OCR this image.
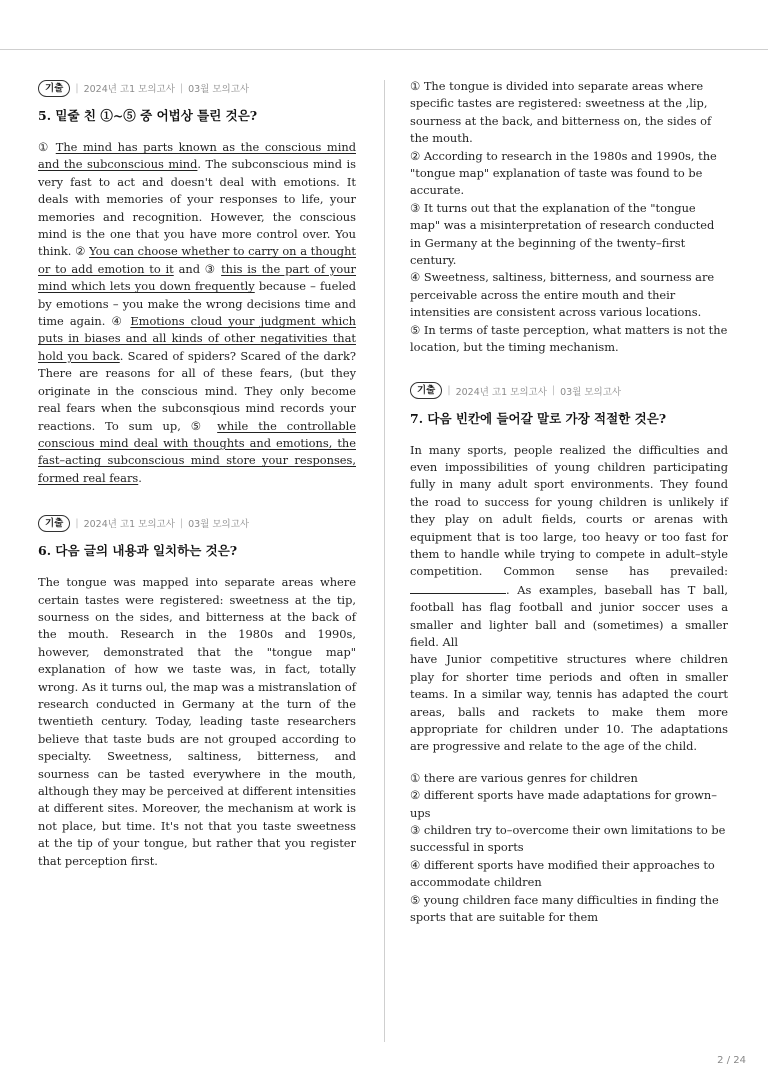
기출	| 2024년 고1 모의고사 | 03월 모의고사
5. 밑줄 친 ①~⑤ 중 어법상 틀린 것은?

① The mind has parts known as the conscious mind and the subconscious mind. The subconscious mind is very fast to act and doesn't deal with emotions. It deals with memories of your responses to life, your memories and recognition. However, the conscious mind is the one that you have more control over. You think. ② You can choose whether to carry on a thought or to add emotion to it and ③ this is the part of your mind which lets you down frequently because – fueled by emotions – you make the wrong decisions time and time again. ④ Emotions cloud your judgment which puts in biases and all kinds of other negativities that hold you back. Scared of spiders? Scared of the dark? There are reasons for all of these fears, (but they originate in the conscious mind. They only become real fears when the subconsqious mind records your reactions. To sum up, ⑤ while the controllable conscious mind deal with thoughts and emotions, the fast–acting subconscious mind store your responses, formed real fears.

기출	| 2024년 고1 모의고사 | 03월 모의고사
6. 다음 글의 내용과 일치하는 것은?

The tongue was mapped into separate areas where certain tastes were registered: sweetness at the tip, sourness on the sides, and bitterness at the back of the mouth. Research in the 1980s and 1990s, however, demonstrated that the "tongue map" explanation of how we taste was, in fact, totally wrong. As it turns oul, the map was a mistranslation of research conducted in Germany at the turn of the twentieth century. Today, leading taste researchers believe that taste buds are not grouped according to specialty. Sweetness, saltiness, bitterness, and sourness can be tasted everywhere in the mouth, although they may be perceived at different intensities at different sites. Moreover, the mechanism at work is not place, but time. It's not that you taste sweetness at the tip of your tongue, but rather that you register that perception first.

① The tongue is divided into separate areas where specific tastes are registered: sweetness at the ,lip, sourness at the back, and bitterness on, the sides of the mouth.

② According to research in the 1980s and 1990s, the "tongue map" explanation of taste was found to be accurate.

③ It turns out that the explanation of the "tongue map" was a misinterpretation of research conducted in Germany at the beginning of the twenty–first century.

④ Sweetness, saltiness, bitterness, and sourness are perceivable across the entire mouth and their intensities are consistent across various locations.

⑤ In terms of taste perception, what matters is not the location, but the timing mechanism.

기출	| 2024년 고1 모의고사 | 03월 모의고사
7. 다음 빈칸에 들어갈 말로 가장 적절한 것은?

In many sports, people realized the difficulties and even impossibilities of young children participating fully in many adult sport environments. They found the road to success for young children is unlikely if they play on adult fields, courts or arenas with equipment that is too large, too heavy or too fast for them to handle while trying to compete in adult–style competition. Common sense has prevailed: . As examples, baseball has T ball, football has flag football and junior soccer uses a smaller and lighter ball and (sometimes) a smaller field. All
have Junior competitive structures where children play for shorter time periods and often in smaller teams. In a similar way, tennis has adapted the court areas, balls and rackets to make them more appropriate for children under 10. The adaptations are progressive and relate to the age of the child.

① there are various genres for children

② different sports have made adaptations for grown–ups

③ children try to–overcome their own limitations to be successful in sports

④ different sports have modified their approaches to accommodate children

⑤ young children face many difficulties in finding the sports that are suitable for them

2 / 24
